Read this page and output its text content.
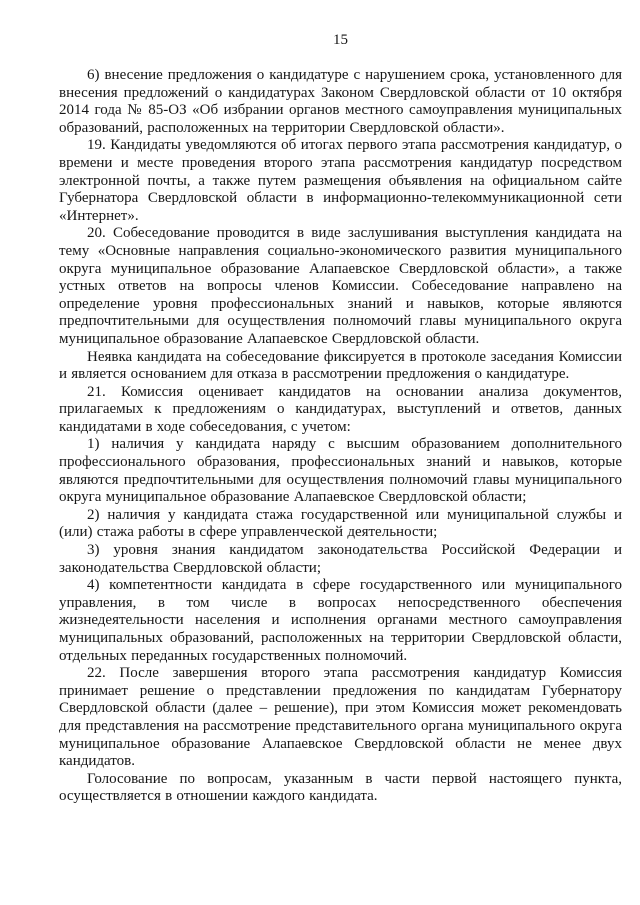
15

6) внесение предложения о кандидатуре с нарушением срока, установленного для внесения предложений о кандидатурах Законом Свердловской области от 10 октября 2014 года № 85-ОЗ «Об избрании органов местного самоуправления муниципальных образований, расположенных на территории Свердловской области».

19. Кандидаты уведомляются об итогах первого этапа рассмотрения кандидатур, о времени и месте проведения второго этапа рассмотрения кандидатур посредством электронной почты, а также путем размещения объявления на официальном сайте Губернатора Свердловской области в информационно-телекоммуникационной сети «Интернет».

20. Собеседование проводится в виде заслушивания выступления кандидата на тему «Основные направления социально-экономического развития муниципального округа муниципальное образование Алапаевское Свердловской области», а также устных ответов на вопросы членов Комиссии. Собеседование направлено на определение уровня профессиональных знаний и навыков, которые являются предпочтительными для осуществления полномочий главы муниципального округа муниципальное образование Алапаевское Свердловской области.

Неявка кандидата на собеседование фиксируется в протоколе заседания Комиссии и является основанием для отказа в рассмотрении предложения о кандидатуре.

21. Комиссия оценивает кандидатов на основании анализа документов, прилагаемых к предложениям о кандидатурах, выступлений и ответов, данных кандидатами в ходе собеседования, с учетом:

1) наличия у кандидата наряду с высшим образованием дополнительного профессионального образования, профессиональных знаний и навыков, которые являются предпочтительными для осуществления полномочий главы муниципального округа муниципальное образование Алапаевское Свердловской области;

2) наличия у кандидата стажа государственной или муниципальной службы и (или) стажа работы в сфере управленческой деятельности;

3) уровня знания кандидатом законодательства Российской Федерации и законодательства Свердловской области;

4) компетентности кандидата в сфере государственного или муниципального управления, в том числе в вопросах непосредственного обеспечения жизнедеятельности населения и исполнения органами местного самоуправления муниципальных образований, расположенных на территории Свердловской области, отдельных переданных государственных полномочий.

22. После завершения второго этапа рассмотрения кандидатур Комиссия принимает решение о представлении предложения по кандидатам Губернатору Свердловской области (далее – решение), при этом Комиссия может рекомендовать для представления на рассмотрение представительного органа муниципального округа муниципальное образование Алапаевское Свердловской области не менее двух кандидатов.

Голосование по вопросам, указанным в части первой настоящего пункта, осуществляется в отношении каждого кандидата.
